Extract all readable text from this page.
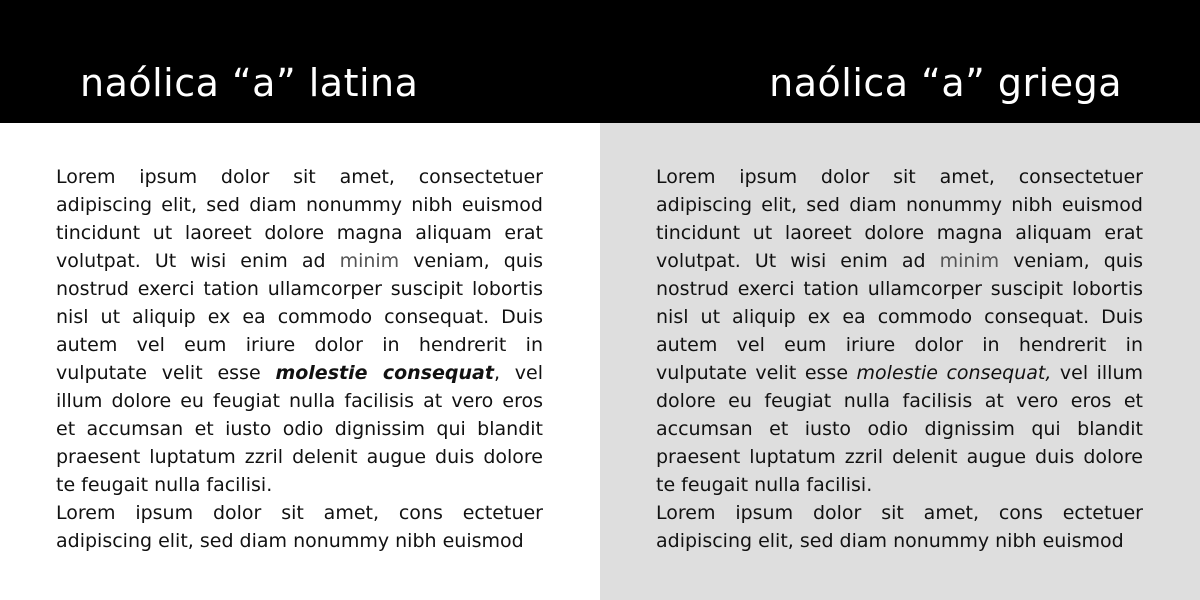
naólica “a” latina	naólica “a” griega

Lorem ipsum dolor sit amet, consectetuer adipiscing elit, sed diam nonummy nibh euismod tincidunt ut laoreet dolore magna aliquam erat volutpat. Ut wisi enim ad minim veniam, quis nostrud exerci tation ullamcorper suscipit lobortis nisl ut aliquip ex ea commodo consequat. Duis autem vel eum iriure dolor in hendrerit in vulputate velit esse molestie consequat, vel illum dolore eu feugiat nulla facilisis at vero eros et accumsan et iusto odio dignissim qui blandit praesent luptatum zzril delenit augue duis dolore te feugait nulla facilisi.

Lorem ipsum dolor sit amet, cons ectetuer adipiscing elit, sed diam nonummy nibh euismod

Lorem ipsum dolor sit amet, consectetuer adipiscing elit, sed diam nonummy nibh euismod tincidunt ut laoreet dolore magna aliquam erat volutpat. Ut wisi enim ad minim veniam, quis nostrud exerci tation ullamcorper suscipit lobortis nisl ut aliquip ex ea commodo consequat. Duis autem vel eum iriure dolor in hendrerit in vulputate velit esse molestie consequat, vel illum dolore eu feugiat nulla facilisis at vero eros et accumsan et iusto odio dignissim qui blandit praesent luptatum zzril delenit augue duis dolore te feugait nulla facilisi.

Lorem ipsum dolor sit amet, cons ectetuer adipiscing elit, sed diam nonummy nibh euismod
